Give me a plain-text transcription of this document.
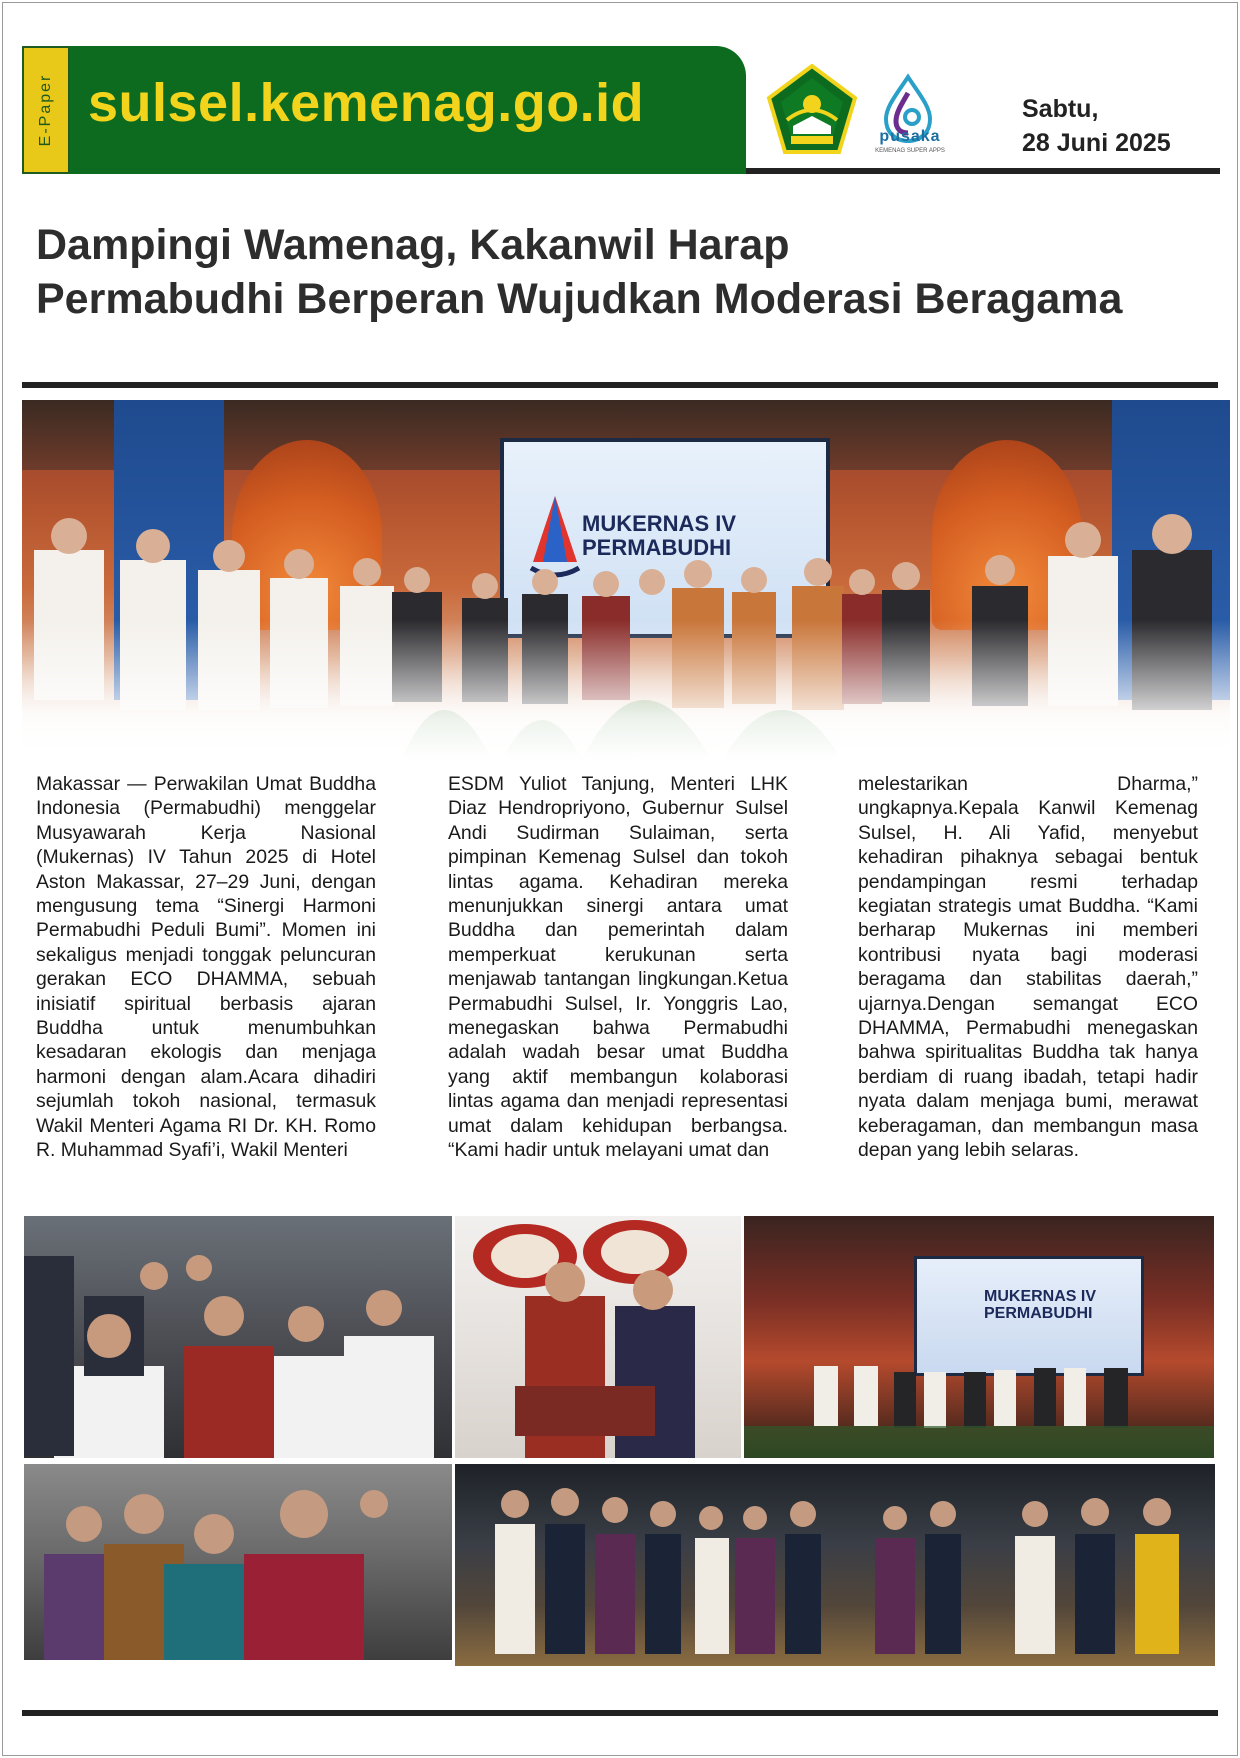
E-Paper sulsel.kemenag.go.id
pusaka
KEMENAG SUPER APPS
Sabtu,
28 Juni 2025
Dampingi Wamenag, Kakanwil Harap
Permabudhi Berperan Wujudkan Moderasi Beragama
MUKERNAS IV
PERMABUDHI
Makassar — Perwakilan Umat Buddha Indonesia (Permabudhi) menggelar Musyawarah Kerja Nasional (Mukernas) IV Tahun 2025 di Hotel Aston Makassar, 27–29 Juni, dengan mengusung tema “Sinergi Harmoni Permabudhi Peduli Bumi”. Momen ini sekaligus menjadi tonggak peluncuran gerakan ECO DHAMMA, sebuah inisiatif spiritual berbasis ajaran Buddha untuk menumbuhkan kesadaran ekologis dan menjaga harmoni dengan alam.Acara dihadiri sejumlah tokoh nasional, termasuk Wakil Menteri Agama RI Dr. KH. Romo R. Muhammad Syafi’i, Wakil Menteri
ESDM Yuliot Tanjung, Menteri LHK Diaz Hendropriyono, Gubernur Sulsel Andi Sudirman Sulaiman, serta pimpinan Kemenag Sulsel dan tokoh lintas agama. Kehadiran mereka menunjukkan sinergi antara umat Buddha dan pemerintah dalam memperkuat kerukunan serta menjawab tantangan lingkungan.Ketua Permabudhi Sulsel, Ir. Yonggris Lao, menegaskan bahwa Permabudhi adalah wadah besar umat Buddha yang aktif membangun kolaborasi lintas agama dan menjadi representasi umat dalam kehidupan berbangsa. “Kami hadir untuk melayani umat dan
melestarikan Dharma,” ungkapnya.Kepala Kanwil Kemenag Sulsel, H. Ali Yafid, menyebut kehadiran pihaknya sebagai bentuk pendampingan resmi terhadap kegiatan strategis umat Buddha. “Kami berharap Mukernas ini memberi kontribusi nyata bagi moderasi beragama dan stabilitas daerah,” ujarnya.Dengan semangat ECO DHAMMA, Permabudhi menegaskan bahwa spiritualitas Buddha tak hanya berdiam di ruang ibadah, tetapi hadir nyata dalam menjaga bumi, merawat keberagaman, dan membangun masa depan yang lebih selaras.
MUKERNAS IV
PERMABUDHI
